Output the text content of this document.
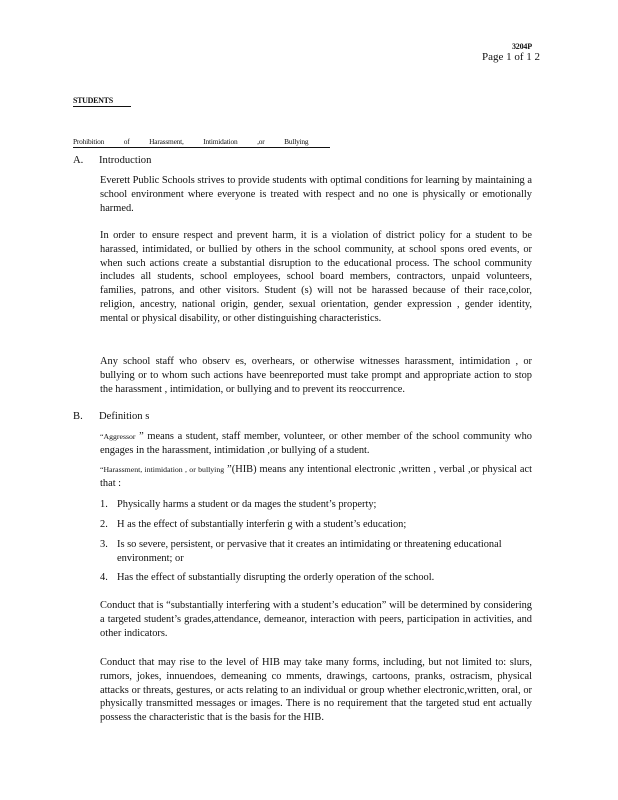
3204P
Page 1 of 1 2
STUDENTS
Prohibition of Harassment, Intimidation ,or Bullying
A. Introduction
Everett Public Schools strives to provide students with optimal conditions for learning by maintaining a school environment where everyone is treated with respect and no one is physically or emotionally harmed.
In order to ensure respect and prevent harm, it is a violation of district policy for a student to be harassed, intimidated, or bullied by others in the school community, at school spons ored events, or when such actions create a substantial disruption to the educational process. The school community includes all students, school employees, school board members, contractors, unpaid volunteers, families, patrons, and other visitors. Student (s) will not be harassed because of their race,color, religion, ancestry, national origin, gender, sexual orientation, gender expression , gender identity, mental or physical disability, or other distinguishing characteristics.
Any school staff who observ es, overhears, or otherwise witnesses harassment, intimidation , or bullying or to whom such actions have beenreported must take prompt and appropriate action to stop the harassment , intimidation, or bullying and to prevent its reoccurrence.
B. Definition s
“Aggressor ” means a student, staff member, volunteer, or other member of the school community who engages in the harassment, intimidation ,or bullying of a student.
“Harassment, intimidation , or bullying ”(HIB) means any intentional electronic ,written , verbal ,or physical act that :
1. Physically harms a student or da mages the student’s property;
2. H as the effect of substantially interferin g with a student’s education;
3. Is so severe, persistent, or pervasive that it creates an intimidating or threatening educational environment; or
4. Has the effect of substantially disrupting the orderly operation of the school.
Conduct that is “substantially interfering with a student’s education” will be determined by considering a targeted student’s grades,attendance, demeanor, interaction with peers, participation in activities, and other indicators.
Conduct that may rise to the level of HIB may take many forms, including, but not limited to: slurs, rumors, jokes, innuendoes, demeaning co mments, drawings, cartoons, pranks, ostracism, physical attacks or threats, gestures, or acts relating to an individual or group whether electronic,written, oral, or physically transmitted messages or images. There is no requirement that the targeted stud ent actually possess the characteristic that is the basis for the HIB.
